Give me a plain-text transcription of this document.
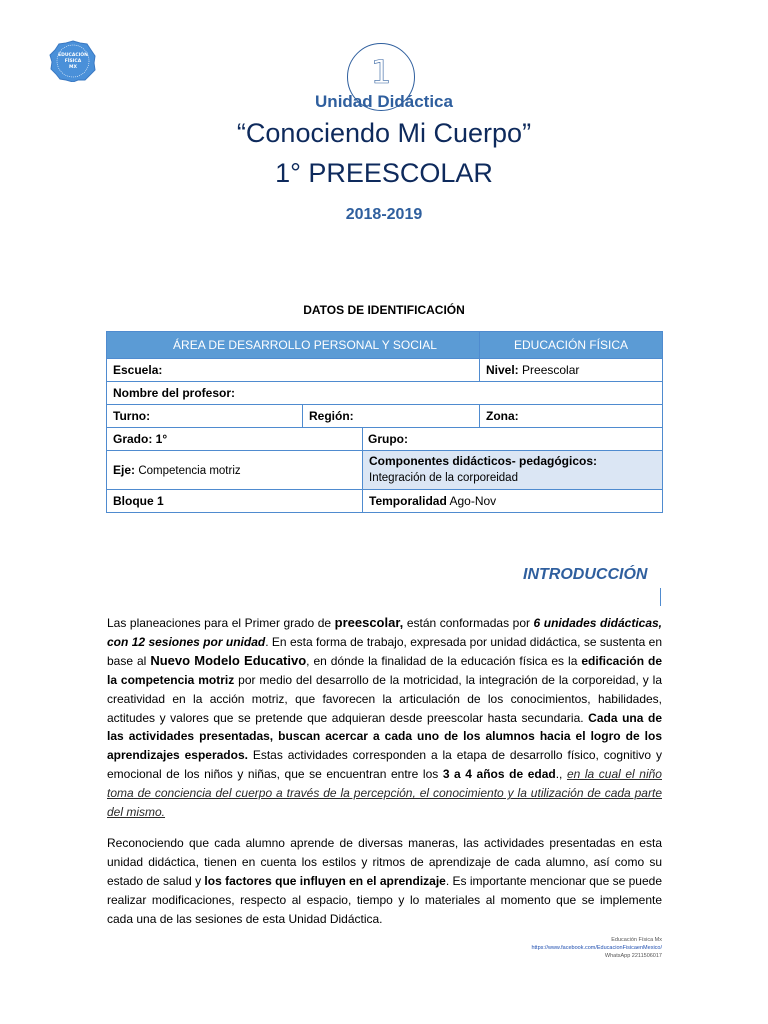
EDUCACIÓN
FÍSICA
MX	1
Unidad Didáctica
“Conociendo Mi Cuerpo”
1° PREESCOLAR
2018-2019
DATOS DE IDENTIFICACIÓN
ÁREA DE DESARROLLO PERSONAL Y SOCIAL			EDUCACIÓN FÍSICA
Escuela:			Nivel: Preescolar
Nombre del profesor:			
Turno:	Región:		Zona:
Grado: 1°		Grupo:	
Eje: Competencia motriz		Componentes didácticos- pedagógicos:
Integración de la corporeidad	

Bloque 1		Temporalidad Ago-Nov	
INTRODUCCIÓN

Las planeaciones para el Primer grado de preescolar, están conformadas por 6 unidades didácticas, con 12 sesiones por unidad. En esta forma de trabajo, expresada por unidad didáctica, se sustenta en base al Nuevo Modelo Educativo, en dónde la finalidad de la educación física es la edificación de la competencia motriz por medio del desarrollo de la motricidad, la integración de la corporeidad, y la creatividad en la acción motriz, que favorecen la articulación de los conocimientos, habilidades, actitudes y valores que se pretende que adquieran desde preescolar hasta secundaria. Cada una de las actividades presentadas, buscan acercar a cada uno de los alumnos hacia el logro de los aprendizajes esperados. Estas actividades corresponden a la etapa de desarrollo físico, cognitivo y emocional de los niños y niñas, que se encuentran entre los 3 a 4 años de edad., en la cual el niño toma de conciencia del cuerpo a través de la percepción, el conocimiento y la utilización de cada parte del mismo.

Reconociendo que cada alumno aprende de diversas maneras, las actividades presentadas en esta unidad didáctica, tienen en cuenta los estilos y ritmos de aprendizaje de cada alumno, así como su estado de salud y los factores que influyen en el aprendizaje. Es importante mencionar que se puede realizar modificaciones, respecto al espacio, tiempo y lo materiales al momento que se implemente cada una de las sesiones de esta Unidad Didáctica.

Educación Física Mx
https://www.facebook.com/EducacionFisicaenMexico/
WhatsApp 2211506017
